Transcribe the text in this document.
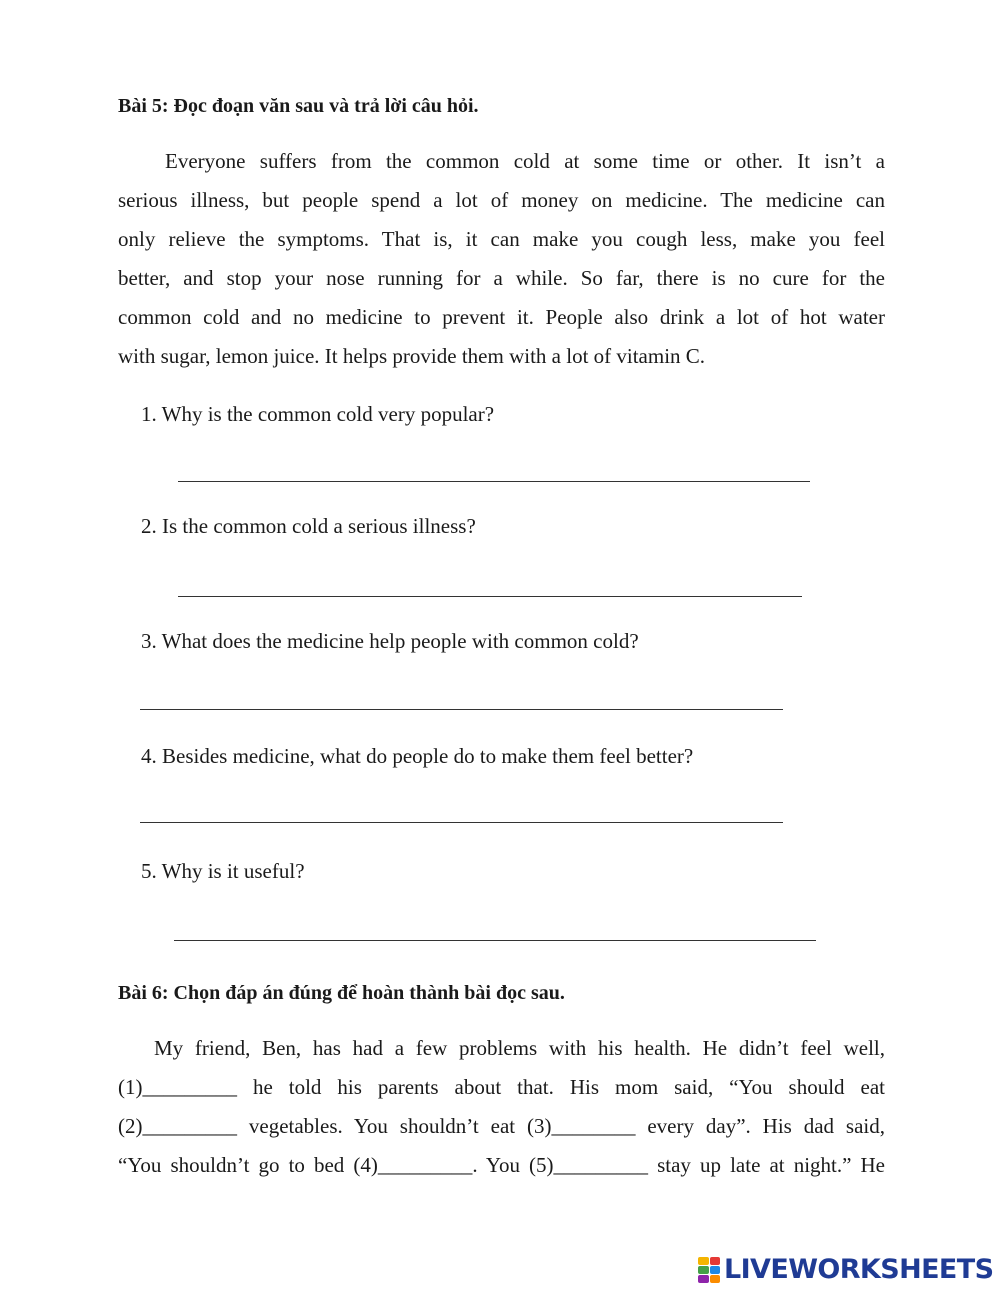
Bài 5: Đọc đoạn văn sau và trả lời câu hỏi.
Everyone suffers from the common cold at some time or other. It isn’t a
serious illness, but people spend a lot of money on medicine. The medicine can
only relieve the symptoms. That is, it can make you cough less, make you feel
better, and stop your nose running for a while. So far, there is no cure for the
common cold and no medicine to prevent it. People also drink a lot of hot water
with sugar, lemon juice. It helps provide them with a lot of vitamin C.
1. Why is the common cold very popular?
2. Is the common cold a serious illness?
3. What does the medicine help people with common cold?
4. Besides medicine, what do people do to make them feel better?
5. Why is it useful?
Bài 6: Chọn đáp án đúng để hoàn thành bài đọc sau.
My friend, Ben, has had a few problems with his health. He didn’t feel well,
(1)_________ he told his parents about that. His mom said, “You should eat
(2)_________ vegetables. You shouldn’t eat (3)________ every day”. His dad said,
“You shouldn’t go to bed (4)_________. You (5)_________ stay up late at night.” He
LIVEWORKSHEETS
